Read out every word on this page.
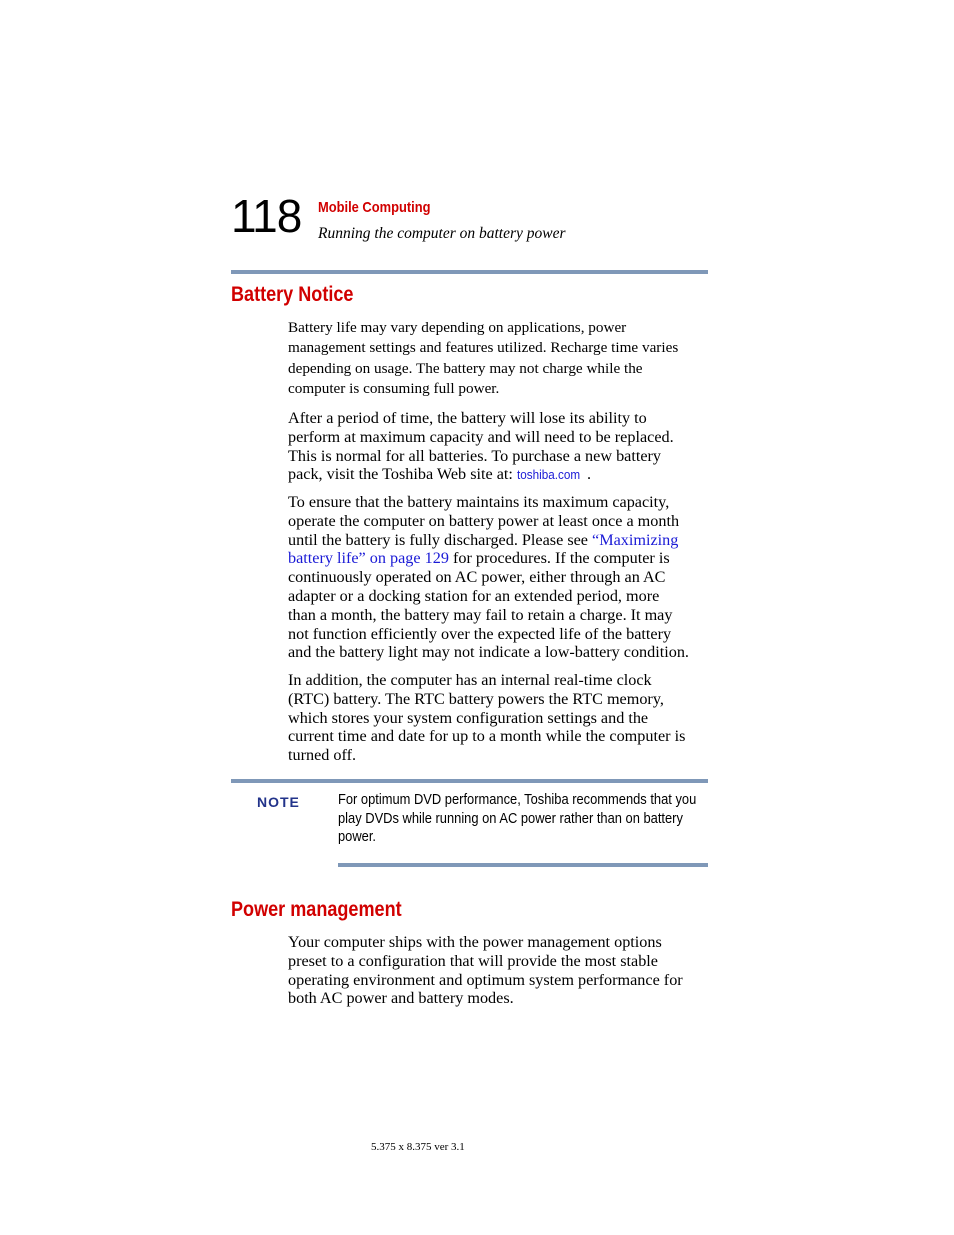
118 Mobile Computing
Running the computer on battery power
Battery Notice
Battery life may vary depending on applications, power
management settings and features utilized. Recharge time varies
depending on usage. The battery may not charge while the
computer is consuming full power.
After a period of time, the battery will lose its ability to
perform at maximum capacity and will need to be replaced.
This is normal for all batteries. To purchase a new battery
pack, visit the Toshiba Web site at: toshiba.com .
To ensure that the battery maintains its maximum capacity,
operate the computer on battery power at least once a month
until the battery is fully discharged. Please see “Maximizing
battery life” on page 129 for procedures. If the computer is
continuously operated on AC power, either through an AC
adapter or a docking station for an extended period, more
than a month, the battery may fail to retain a charge. It may
not function efficiently over the expected life of the battery
and the battery light may not indicate a low-battery condition.
In addition, the computer has an internal real-time clock
(RTC) battery. The RTC battery powers the RTC memory,
which stores your system configuration settings and the
current time and date for up to a month while the computer is
turned off.
NOTE	For optimum DVD performance, Toshiba recommends that you
play DVDs while running on AC power rather than on battery
power.
Power management
Your computer ships with the power management options
preset to a configuration that will provide the most stable
operating environment and optimum system performance for
both AC power and battery modes.
5.375 x 8.375 ver 3.1
